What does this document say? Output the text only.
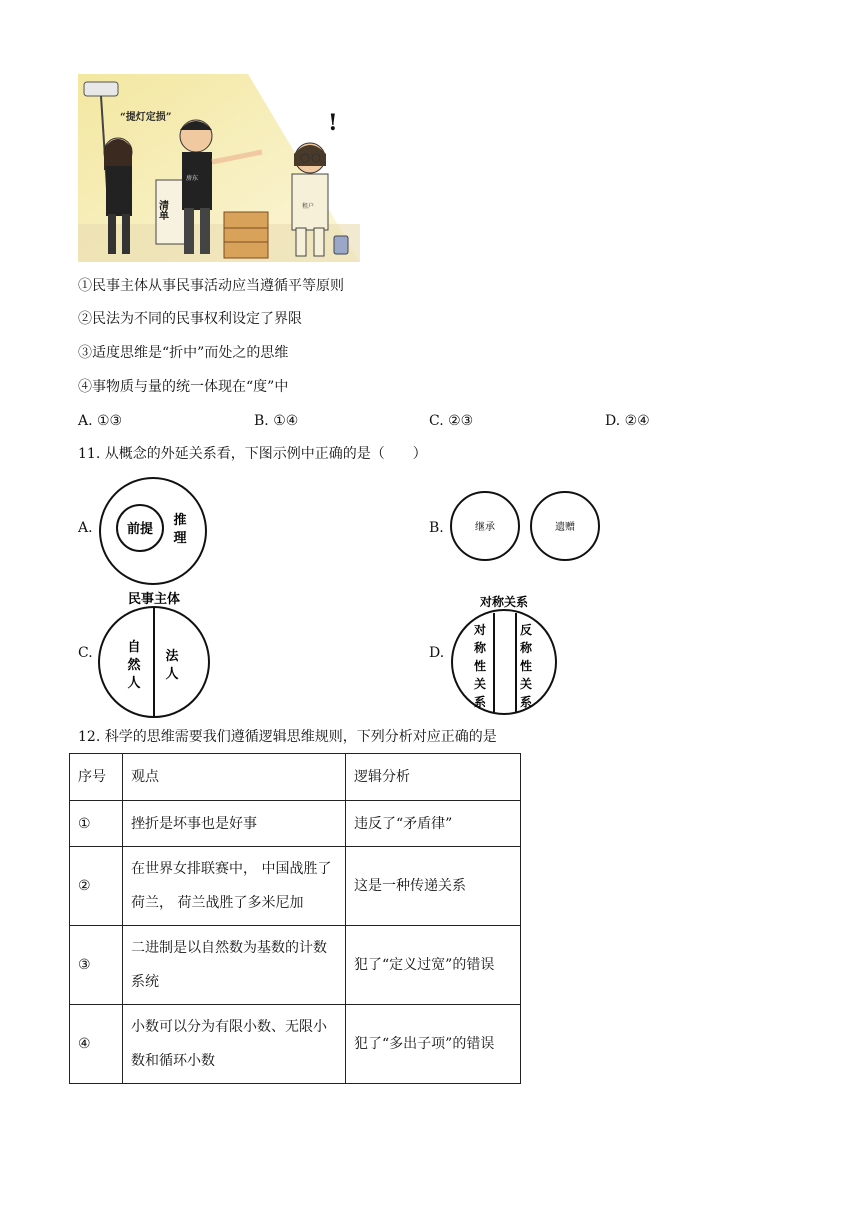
“提灯定损”
清单
房东
!
租户
①民事主体从事民事活动应当遵循平等原则
②民法为不同的民事权利设定了界限
③适度思维是“折中”而处之的思维
④事物质与量的统一体现在“度”中
A. ①③	B. ①④	C. ②③	D. ②④
11. 从概念的外延关系看，下图示例中正确的是（　　）
A.	前提
推
理
B.	继承	遗赠
C.
民事主体
自
然
人
法
人
D.
对称关系
对
称
性
关
系
反
称
性
关
系
12. 科学的思维需要我们遵循逻辑思维规则，下列分析对应正确的是
序号	观点	逻辑分析
①	挫折是坏事也是好事	违反了“矛盾律”
②	在世界女排联赛中， 中国战胜了荷兰， 荷兰战胜了多米尼加	这是一种传递关系
③	二进制是以自然数为基数的计数系统	犯了“定义过宽”的错误
④	小数可以分为有限小数、无限小数和循环小数	犯了“多出子项”的错误
